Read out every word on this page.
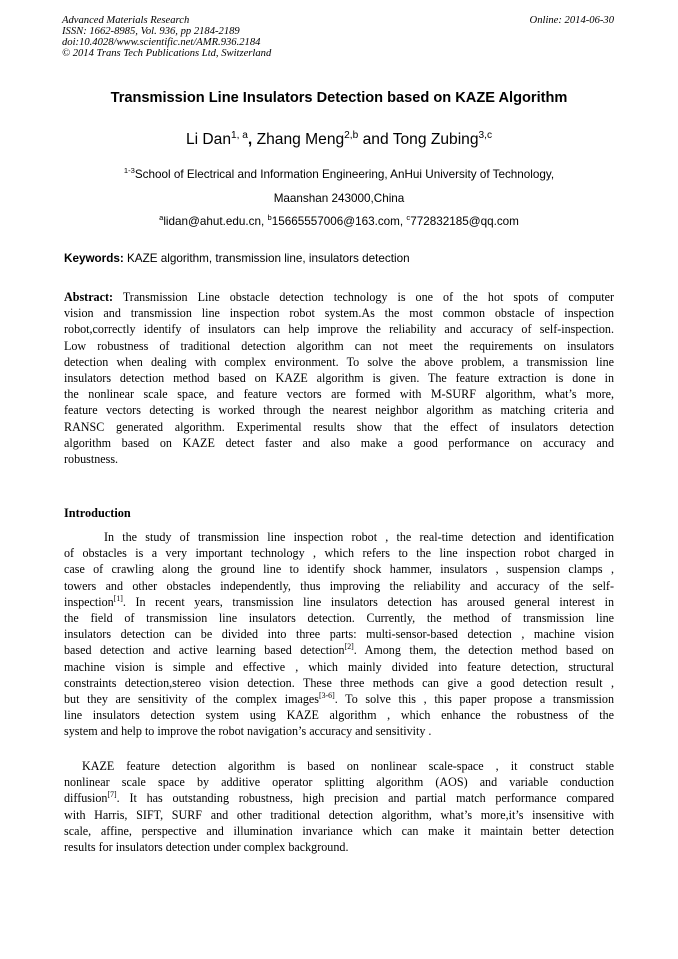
Advanced Materials Research
ISSN: 1662-8985, Vol. 936, pp 2184-2189
doi:10.4028/www.scientific.net/AMR.936.2184
© 2014 Trans Tech Publications Ltd, Switzerland
Online: 2014-06-30
Transmission Line Insulators Detection based on KAZE Algorithm
Li Dan$^{1, a}$, Zhang Meng$^{2,b}$ and Tong Zubing$^{3,c}$
$^{1-3}$School of Electrical and Information Engineering, AnHui University of Technology,
Maanshan 243000,China
$^a$lidan@ahut.edu.cn, $^b$15665557006@163.com, $^c$772832185@qq.com
Keywords: KAZE algorithm, transmission line, insulators detection
Abstract: Transmission Line obstacle detection technology is one of the hot spots of computer
vision and transmission line inspection robot system.As the most common obstacle of inspection
robot,correctly identify of insulators can help improve the reliability and accuracy of self-inspection.
Low robustness of traditional detection algorithm can not meet the requirements on insulators
detection when dealing with complex environment. To solve the above problem, a transmission line
insulators detection method based on KAZE algorithm is given. The feature extraction is done in
the nonlinear scale space, and feature vectors are formed with M-SURF algorithm, what’s more,
feature vectors detecting is worked through the nearest neighbor algorithm as matching criteria and
RANSC generated algorithm. Experimental results show that the effect of insulators detection
algorithm based on KAZE detect faster and also make a good performance on accuracy and
robustness.
Introduction
In the study of transmission line inspection robot , the real-time detection and identification
of obstacles is a very important technology , which refers to the line inspection robot charged in
case of crawling along the ground line to identify shock hammer, insulators , suspension clamps ,
towers and other obstacles independently, thus improving the reliability and accuracy of the self-
inspection[1]. In recent years, transmission line insulators detection has aroused general interest in
the field of transmission line insulators detection. Currently, the method of transmission line
insulators detection can be divided into three parts: multi-sensor-based detection , machine vision
based detection and active learning based detection[2]. Among them, the detection method based on
machine vision is simple and effective , which mainly divided into feature detection, structural
constraints detection,stereo vision detection. These three methods can give a good detection result ,
but they are sensitivity of the complex images[3-6]. To solve this , this paper propose a transmission
line insulators detection system using KAZE algorithm , which enhance the robustness of the
system and help to improve the robot navigation’s accuracy and sensitivity .
KAZE feature detection algorithm is based on nonlinear scale-space , it construct stable
nonlinear scale space by additive operator splitting algorithm (AOS) and variable conduction
diffusion[7]. It has outstanding robustness, high precision and partial match performance compared
with Harris, SIFT, SURF and other traditional detection algorithm, what’s more,it’s insensitive with
scale, affine, perspective and illumination invariance which can make it maintain better detection
results for insulators detection under complex background.
